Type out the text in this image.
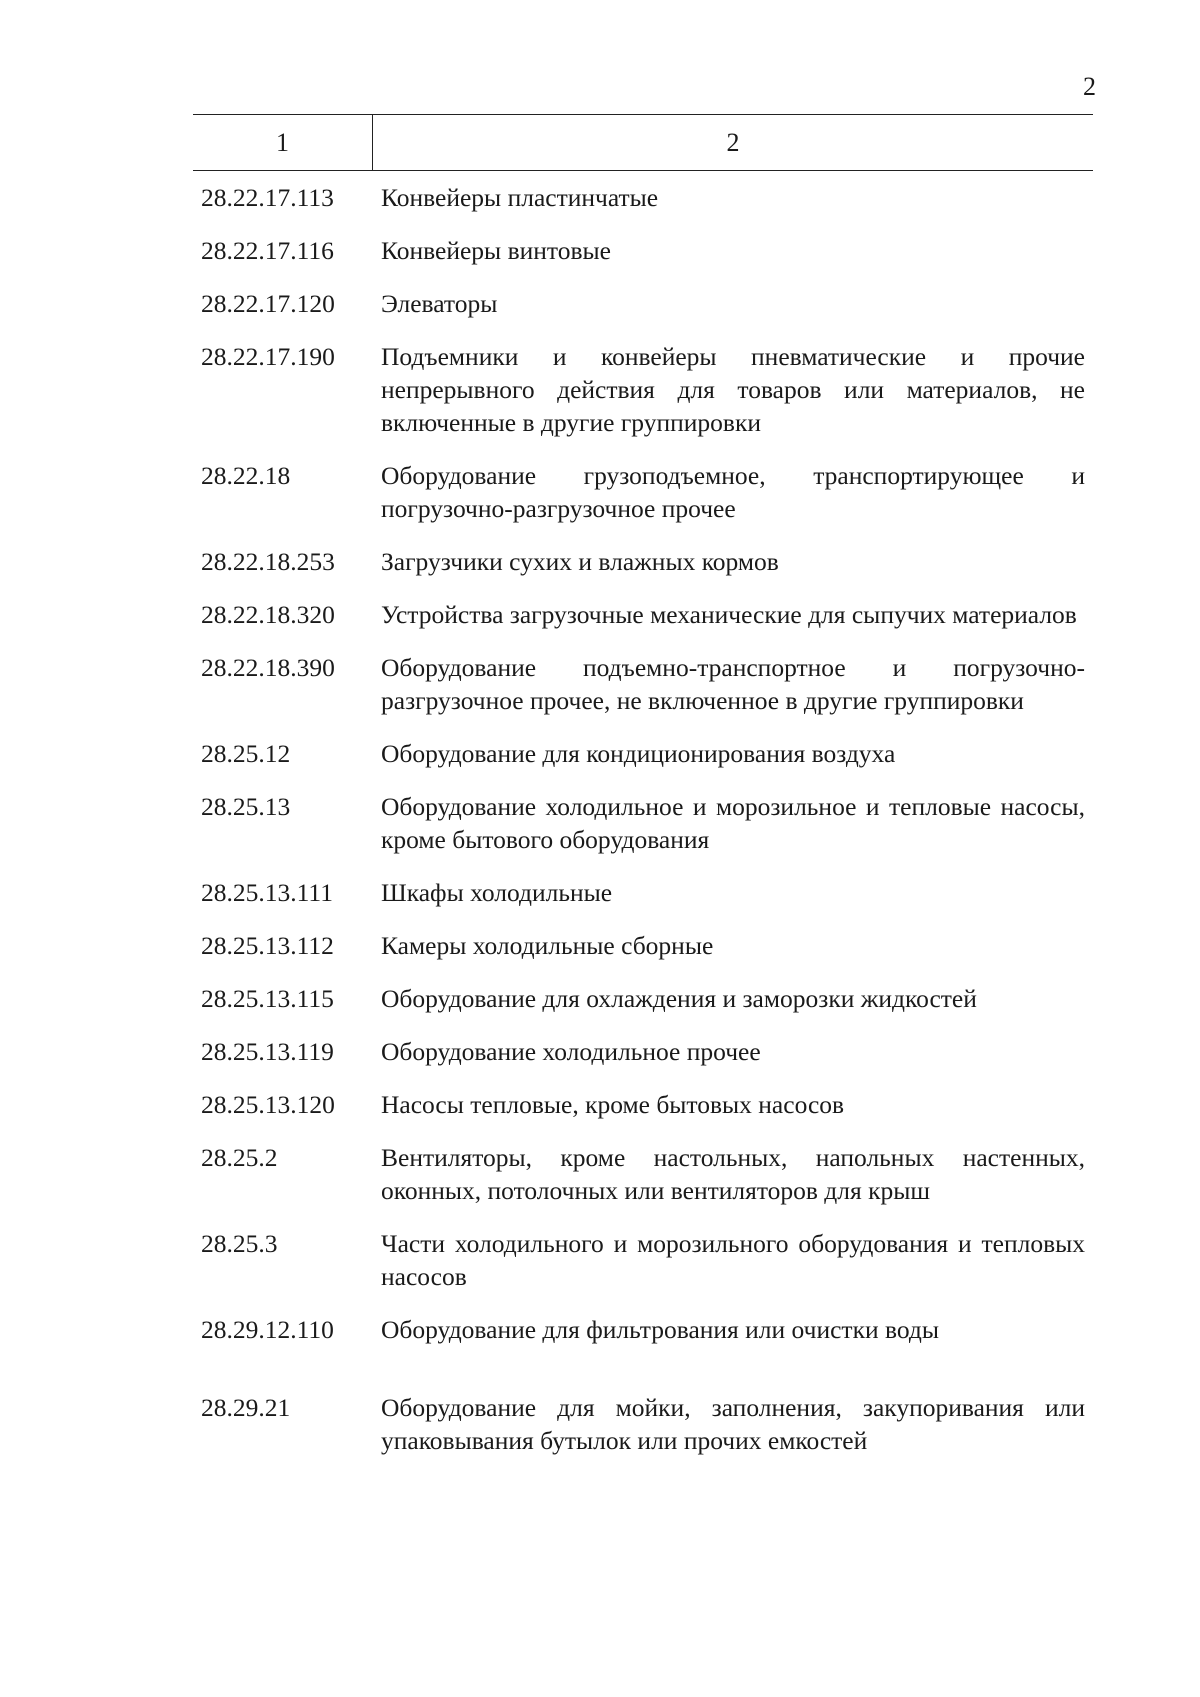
2
1	2
28.22.17.113	Конвейеры пластинчатые
28.22.17.116	Конвейеры винтовые
28.22.17.120	Элеваторы
28.22.17.190	Подъемники и конвейеры пневматические и прочие непрерывного действия для товаров или материалов, не включенные в другие группировки
28.22.18	Оборудование грузоподъемное, транспортирующее и погрузочно-разгрузочное прочее
28.22.18.253	Загрузчики сухих и влажных кормов
28.22.18.320	Устройства загрузочные механические для сыпучих материалов
28.22.18.390	Оборудование подъемно-транспортное и погрузочно-разгрузочное прочее, не включенное в другие группировки
28.25.12	Оборудование для кондиционирования воздуха
28.25.13	Оборудование холодильное и морозильное и тепловые насосы, кроме бытового оборудования
28.25.13.111	Шкафы холодильные
28.25.13.112	Камеры холодильные сборные
28.25.13.115	Оборудование для охлаждения и заморозки жидкостей
28.25.13.119	Оборудование холодильное прочее
28.25.13.120	Насосы тепловые, кроме бытовых насосов
28.25.2	Вентиляторы, кроме настольных, напольных настенных, оконных, потолочных или вентиляторов для крыш
28.25.3	Части холодильного и морозильного оборудования и тепловых насосов
28.29.12.110	Оборудование для фильтрования или очистки воды
28.29.21	Оборудование для мойки, заполнения, закупоривания или упаковывания бутылок или прочих емкостей
